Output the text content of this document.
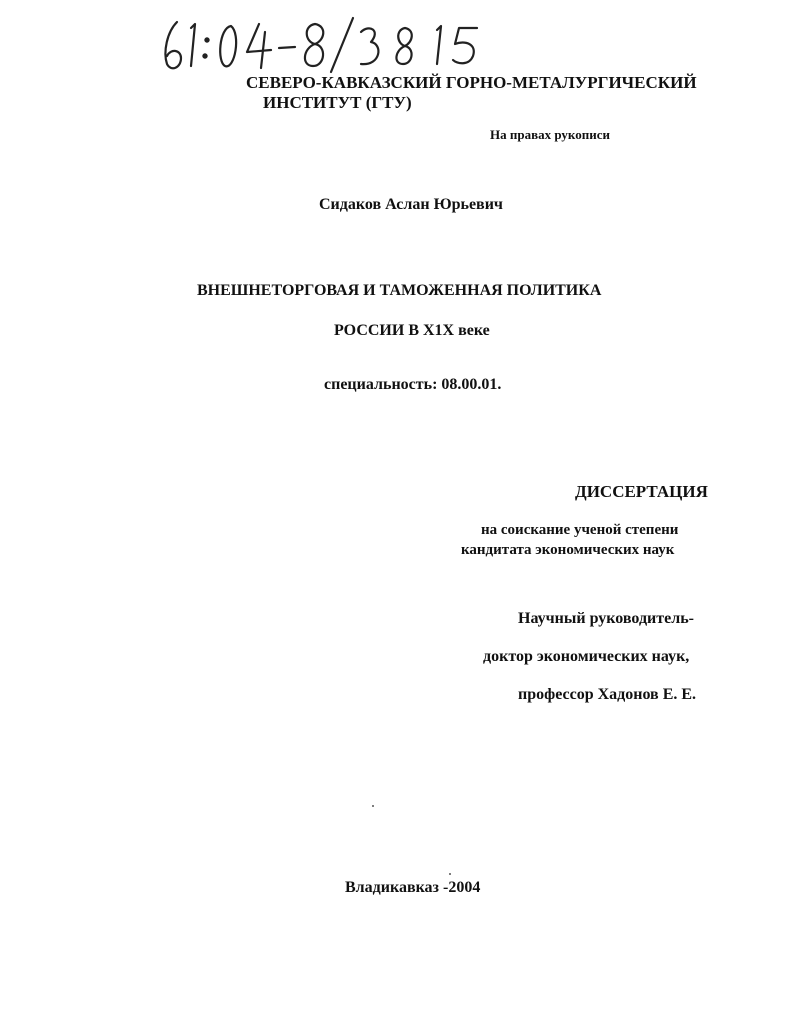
СЕВЕРО-КАВКАЗСКИЙ ГОРНО-МЕТАЛУРГИЧЕСКИЙ

ИНСТИТУТ (ГТУ)

На правах рукописи

Сидаков Аслан Юрьевич

ВНЕШНЕТОРГОВАЯ И ТАМОЖЕННАЯ ПОЛИТИКА

РОССИИ В Х1Х веке

специальность: 08.00.01.

ДИССЕРТАЦИЯ

на соискание ученой степени

кандитата экономических наук

Научный руководитель-

доктор экономических наук,

профессор Хадонов Е. Е.

Владикавказ -2004
